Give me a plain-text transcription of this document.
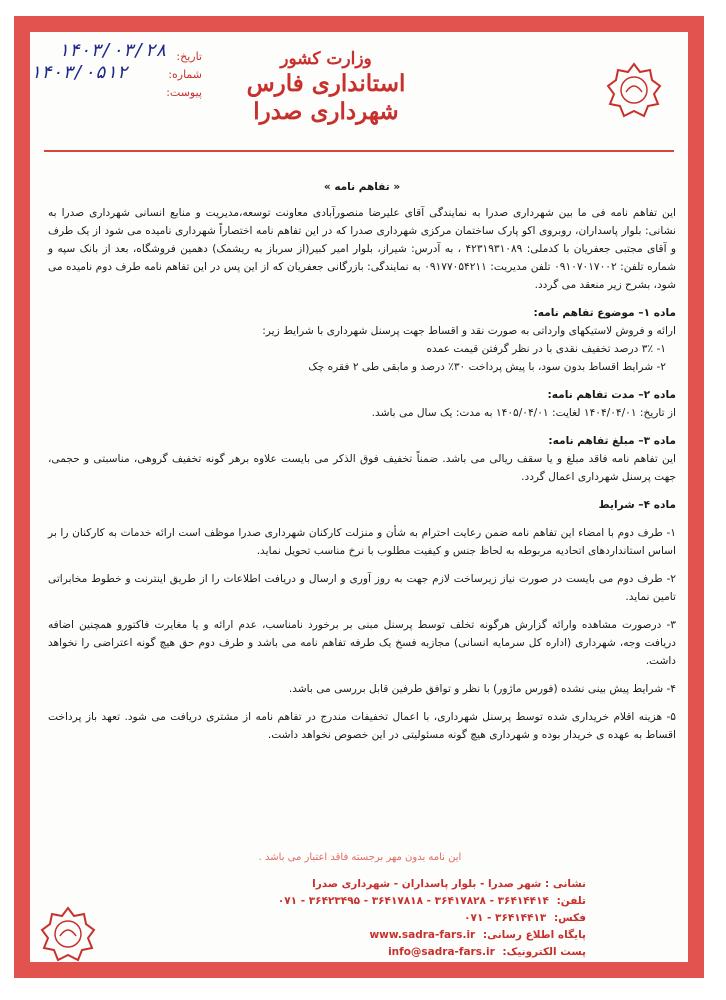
وزارت کشور
استانداری فارس
شهرداری صدرا
تاریخ:
شماره:
پیوست:
۱۴۰۳/۰۳/۲۸
۱۴۰۳/۰۵۱۲

« تفاهم نامه »

این تفاهم نامه فی ما بین شهرداری صدرا به نمایندگی آقای علیرضا منصورآبادی معاونت توسعه،مدیریت و منابع انسانی شهرداری صدرا به نشانی: بلوار پاسداران، روبروی اکو پارک ساختمان مرکزی شهرداری صدرا که در این تفاهم نامه اختصاراً شهرداری نامیده می شود از یک طرف و آقای مجتبی جعفریان با کدملی: ۴۲۳۱۹۳۱۰۸۹ ، به آدرس: شیراز، بلوار امیر کبیر(از سرباز به ریشمک) دهمین فروشگاه، بعد از بانک سپه و شماره تلفن: ۰۹۱۰۷۰۱۷۰۰۲ تلفن مدیریت: ۰۹۱۷۷۰۵۴۲۱۱ به نمایندگی: بازرگانی جعفریان که از این پس در این تفاهم نامه طرف دوم نامیده می شود، بشرح زیر منعقد می گردد.

ماده ۱– موضوع تفاهم نامه:

ارائه و فروش لاستیکهای وارداتی به صورت نقد و اقساط جهت پرسنل شهرداری با شرایط زیر:

۱- ۳٪ درصد تخفیف نقدی با در نظر گرفتن قیمت عمده

۲- شرایط اقساط بدون سود، با پیش پرداخت ۳۰٪ درصد و مابقی طی ۲ فقره چک

ماده ۲– مدت تفاهم نامه:

از تاریخ: ۱۴۰۴/۰۴/۰۱ لغایت: ۱۴۰۵/۰۴/۰۱ به مدت: یک سال می باشد.

ماده ۳– مبلغ تفاهم نامه:

این تفاهم نامه فاقد مبلغ و یا سقف ریالی می باشد. ضمناً تخفیف فوق الذکر می بایست علاوه برهر گونه تخفیف گروهی، مناسبتی و حجمی، جهت پرسنل شهرداری اعمال گردد.

ماده ۴– شرایط

۱- طرف دوم با امضاء این تفاهم نامه ضمن رعایت احترام به شأن و منزلت کارکنان شهرداری صدرا موظف است ارائه خدمات به کارکنان را بر اساس استانداردهای اتحادیه مربوطه به لحاظ جنس و کیفیت مطلوب با نرخ مناسب تحویل نماید.

۲- طرف دوم می بایست در صورت نیاز زیرساخت لازم جهت به روز آوری و ارسال و دریافت اطلاعات را از طریق اینترنت و خطوط مخابراتی تامین نماید.

۳- درصورت مشاهده وارائه گزارش هرگونه تخلف توسط پرسنل مبنی بر برخورد نامناسب، عدم ارائه و یا مغایرت فاکتورو همچنین اضافه دریافت وجه، شهرداری (اداره کل سرمایه انسانی) مجازبه فسخ یک طرفه تفاهم نامه می باشد و طرف دوم حق هیچ گونه اعتراضی را نخواهد داشت.

۴- شرایط پیش بینی نشده (فورس ماژور) با نظر و توافق طرفین قابل بررسی می باشد.

۵- هزینه اقلام خریداری شده توسط پرسنل شهرداری، با اعمال تخفیفات مندرج در تفاهم نامه از مشتری دریافت می شود. تعهد باز پرداخت اقساط به عهده ی خریدار بوده و شهرداری هیچ گونه مسئولیتی در این خصوص نخواهد داشت.

این نامه بدون مهر برجسته فاقد اعتبار می باشد .
نشانی : شهر صدرا - بلوار پاسداران - شهرداری صدرا
تلفن: ۳۶۴۱۴۴۱۴ - ۳۶۴۱۷۸۲۸ - ۳۶۴۱۷۸۱۸ - ۳۶۴۲۳۴۹۵ - ۰۷۱
فکس: ۳۶۴۱۴۴۱۳ - ۰۷۱
پایگاه اطلاع رسانی: www.sadra-fars.ir
پست الکترونیک: info@sadra-fars.ir
